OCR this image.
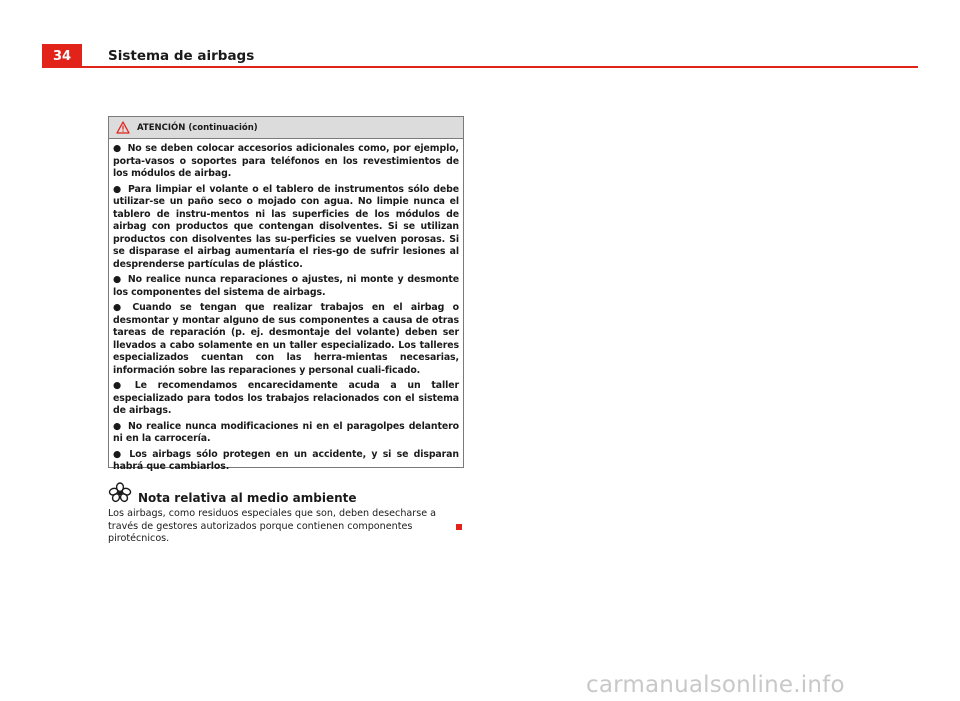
34	Sistema de airbags
ATENCIÓN (continuación)
● No se deben colocar accesorios adicionales como, por ejemplo, porta-vasos o soportes para teléfonos en los revestimientos de los módulos de airbag.
● Para limpiar el volante o el tablero de instrumentos sólo debe utilizar-se un paño seco o mojado con agua. No limpie nunca el tablero de instru-mentos ni las superficies de los módulos de airbag con productos que contengan disolventes. Si se utilizan productos con disolventes las su-perficies se vuelven porosas. Si se disparase el airbag aumentaría el ries-go de sufrir lesiones al desprenderse partículas de plástico.
● No realice nunca reparaciones o ajustes, ni monte y desmonte los componentes del sistema de airbags.
● Cuando se tengan que realizar trabajos en el airbag o desmontar y montar alguno de sus componentes a causa de otras tareas de reparación (p. ej. desmontaje del volante) deben ser llevados a cabo solamente en un taller especializado. Los talleres especializados cuentan con las herra-mientas necesarias, información sobre las reparaciones y personal cuali-ficado.
● Le recomendamos encarecidamente acuda a un taller especializado para todos los trabajos relacionados con el sistema de airbags.
● No realice nunca modificaciones ni en el paragolpes delantero ni en la carrocería.
● Los airbags sólo protegen en un accidente, y si se disparan habrá que cambiarlos.
Nota relativa al medio ambiente
Los airbags, como residuos especiales que son, deben desecharse a través de gestores autorizados porque contienen componentes pirotécnicos.
carmanualsonline.info
